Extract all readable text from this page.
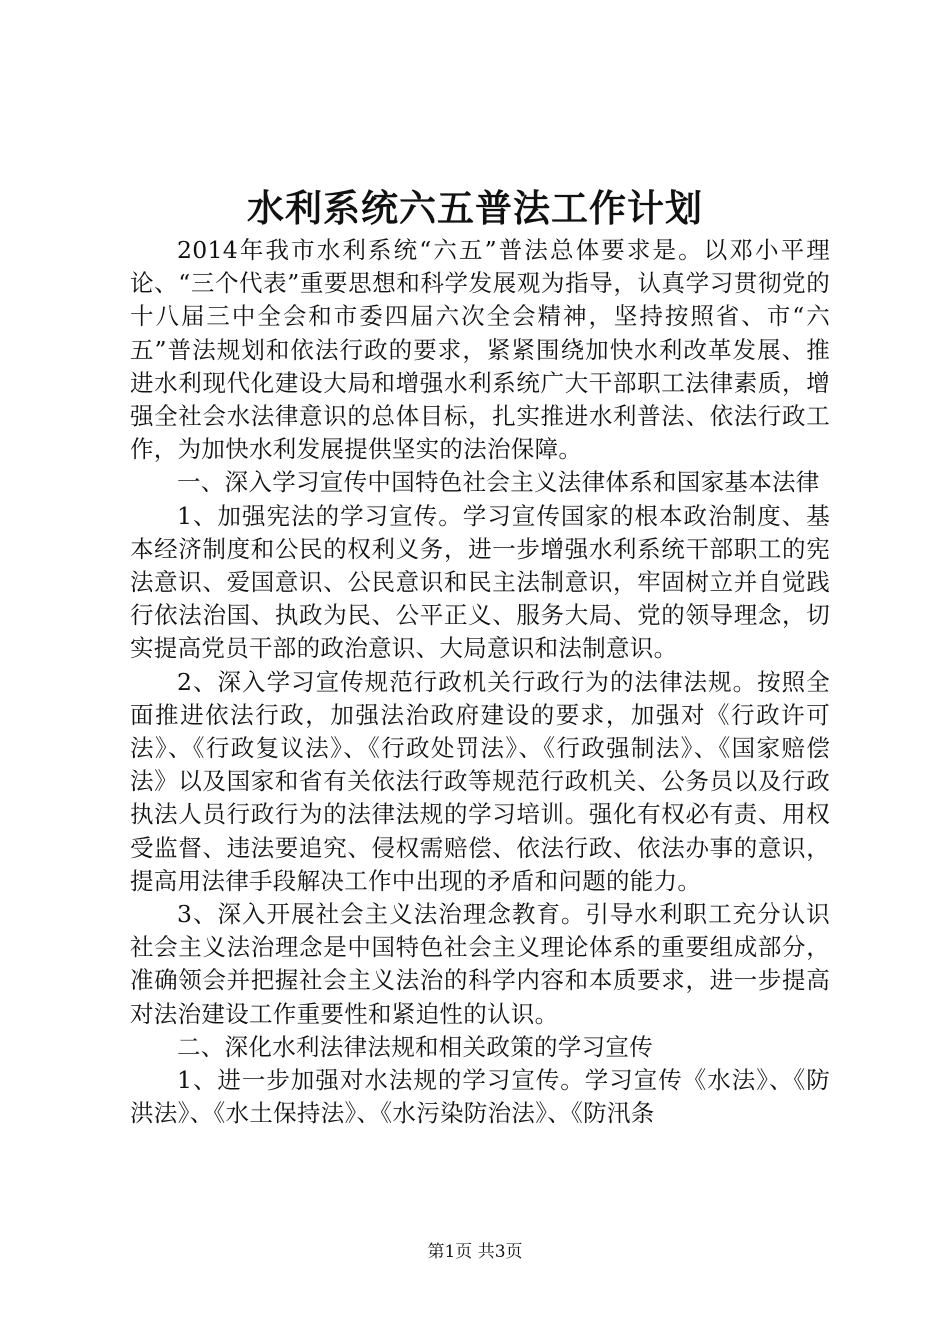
水利系统六五普法工作计划

2014年我市水利系统“六五”普法总体要求是。以邓小平理论、“三个代表”重要思想和科学发展观为指导，认真学习贯彻党的十八届三中全会和市委四届六次全会精神，坚持按照省、市“六五”普法规划和依法行政的要求，紧紧围绕加快水利改革发展、推进水利现代化建设大局和增强水利系统广大干部职工法律素质，增强全社会水法律意识的总体目标，扎实推进水利普法、依法行政工作，为加快水利发展提供坚实的法治保障。

一、深入学习宣传中国特色社会主义法律体系和国家基本法律

1、加强宪法的学习宣传。学习宣传国家的根本政治制度、基本经济制度和公民的权利义务，进一步增强水利系统干部职工的宪法意识、爱国意识、公民意识和民主法制意识，牢固树立并自觉践行依法治国、执政为民、公平正义、服务大局、党的领导理念，切实提高党员干部的政治意识、大局意识和法制意识。

2、深入学习宣传规范行政机关行政行为的法律法规。按照全面推进依法行政，加强法治政府建设的要求，加强对《行政许可法》、《行政复议法》、《行政处罚法》、《行政强制法》、《国家赔偿法》以及国家和省有关依法行政等规范行政机关、公务员以及行政执法人员行政行为的法律法规的学习培训。强化有权必有责、用权受监督、违法要追究、侵权需赔偿、依法行政、依法办事的意识，提高用法律手段解决工作中出现的矛盾和问题的能力。

3、深入开展社会主义法治理念教育。引导水利职工充分认识社会主义法治理念是中国特色社会主义理论体系的重要组成部分，准确领会并把握社会主义法治的科学内容和本质要求，进一步提高对法治建设工作重要性和紧迫性的认识。

二、深化水利法律法规和相关政策的学习宣传

1、进一步加强对水法规的学习宣传。学习宣传《水法》、《防洪法》、《水土保持法》、《水污染防治法》、《防汛条

第1页 共3页
